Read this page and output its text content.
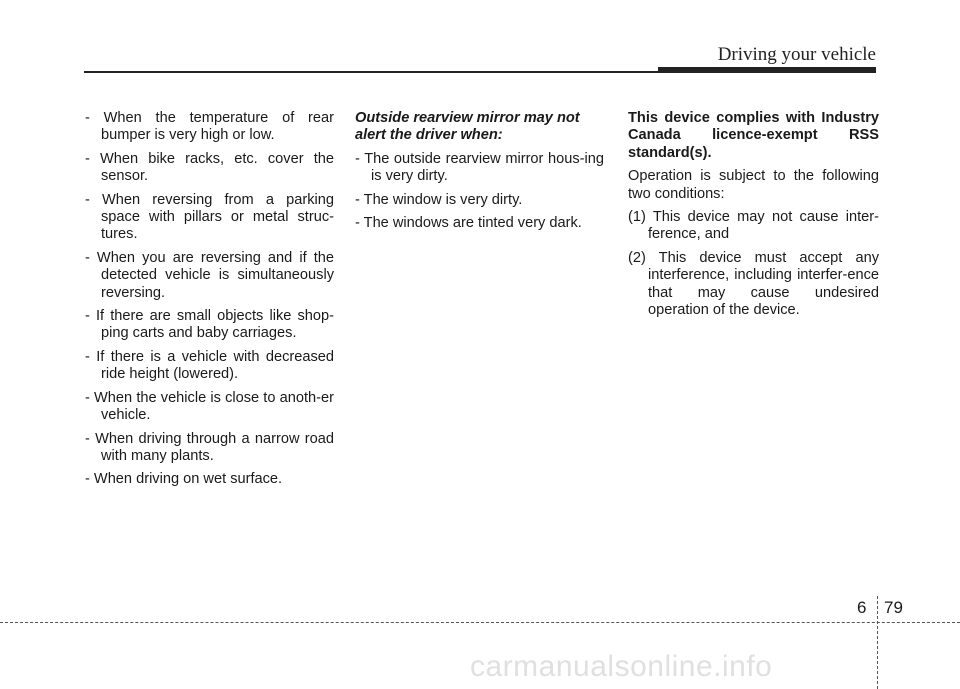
Driving your vehicle
- When the temperature of rear bumper is very high or low.
- When bike racks, etc. cover the sensor.
- When reversing from a parking space with pillars or metal struc-tures.
- When you are reversing and if the detected vehicle is simultaneously reversing.
- If there are small objects like shop-ping carts and baby carriages.
- If there is a vehicle with decreased ride height (lowered).
- When the vehicle is close to anoth-er vehicle.
- When driving through a narrow road with many plants.
- When driving on wet surface.
Outside rearview mirror may not alert the driver when:
- The outside rearview mirror hous-ing is very dirty.
- The window is very dirty.
- The windows are tinted very dark.
This device complies with Industry Canada licence-exempt RSS standard(s).
Operation is subject to the following two conditions:
(1) This device may not cause inter-ference, and
(2) This device must accept any interference, including interfer-ence that may cause undesired operation of the device.
6 79
carmanualsonline.info
